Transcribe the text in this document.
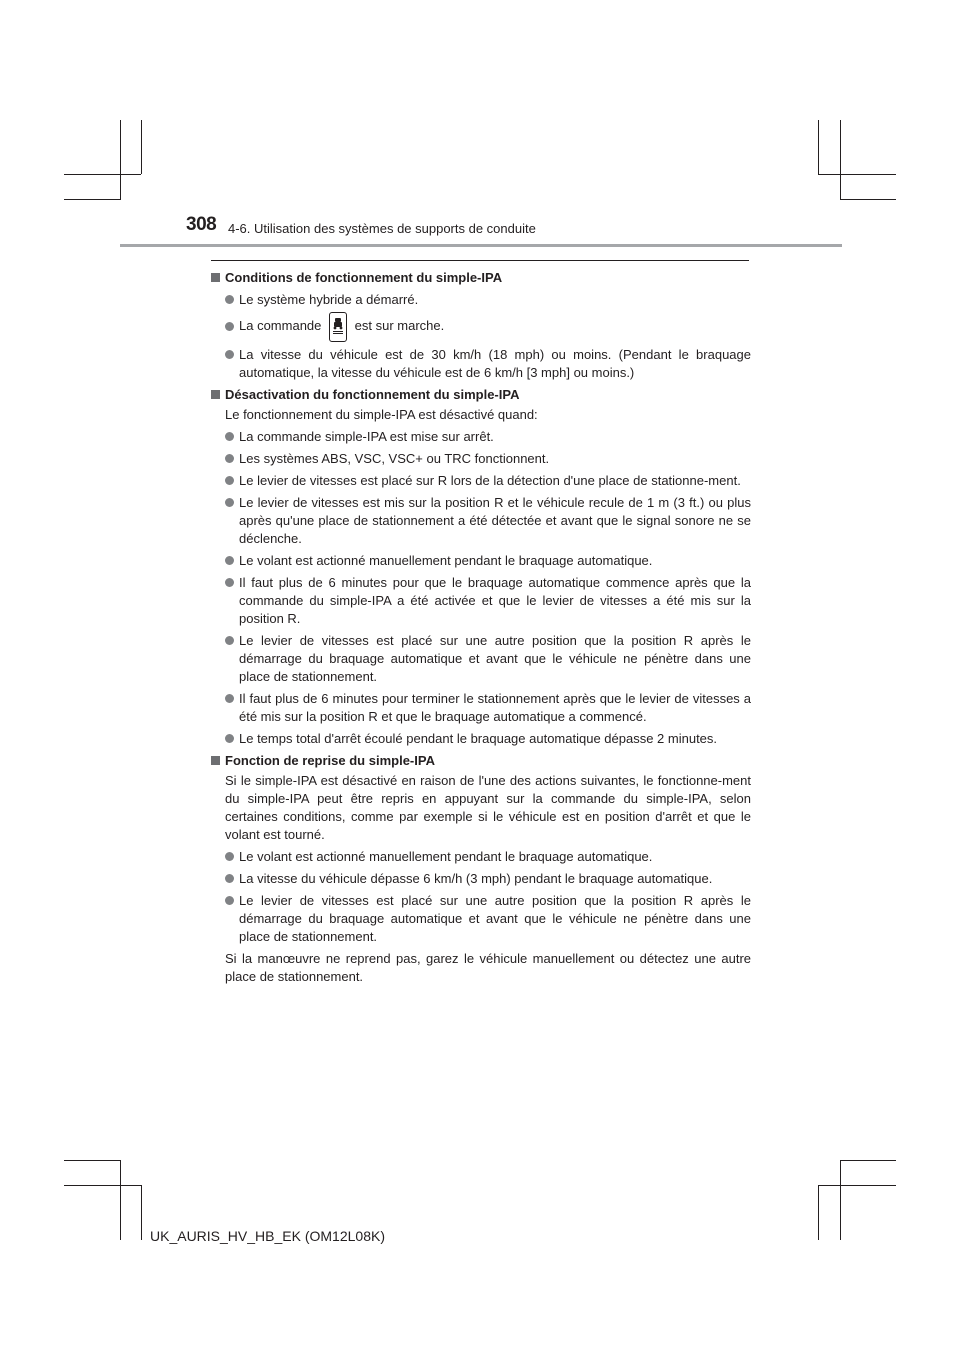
308 4-6. Utilisation des systèmes de supports de conduite
Conditions de fonctionnement du simple-IPA
Le système hybride a démarré.
La commande	est sur marche.
La vitesse du véhicule est de 30 km/h (18 mph) ou moins. (Pendant le braquage automatique, la vitesse du véhicule est de 6 km/h [3 mph] ou moins.)
Désactivation du fonctionnement du simple-IPA
Le fonctionnement du simple-IPA est désactivé quand:
La commande simple-IPA est mise sur arrêt.
Les systèmes ABS, VSC, VSC+ ou TRC fonctionnent.
Le levier de vitesses est placé sur R lors de la détection d'une place de stationne-ment.
Le levier de vitesses est mis sur la position R et le véhicule recule de 1 m (3 ft.) ou plus après qu'une place de stationnement a été détectée et avant que le signal sonore ne se déclenche.
Le volant est actionné manuellement pendant le braquage automatique.
Il faut plus de 6 minutes pour que le braquage automatique commence après que la commande du simple-IPA a été activée et que le levier de vitesses a été mis sur la position R.
Le levier de vitesses est placé sur une autre position que la position R après le démarrage du braquage automatique et avant que le véhicule ne pénètre dans une place de stationnement.
Il faut plus de 6 minutes pour terminer le stationnement après que le levier de vitesses a été mis sur la position R et que le braquage automatique a commencé.
Le temps total d'arrêt écoulé pendant le braquage automatique dépasse 2 minutes.
Fonction de reprise du simple-IPA
Si le simple-IPA est désactivé en raison de l'une des actions suivantes, le fonctionne-ment du simple-IPA peut être repris en appuyant sur la commande du simple-IPA, selon certaines conditions, comme par exemple si le véhicule est en position d'arrêt et que le volant est tourné.
Le volant est actionné manuellement pendant le braquage automatique.
La vitesse du véhicule dépasse 6 km/h (3 mph) pendant le braquage automatique.
Le levier de vitesses est placé sur une autre position que la position R après le démarrage du braquage automatique et avant que le véhicule ne pénètre dans une place de stationnement.
Si la manœuvre ne reprend pas, garez le véhicule manuellement ou détectez une autre place de stationnement.
UK_AURIS_HV_HB_EK (OM12L08K)
